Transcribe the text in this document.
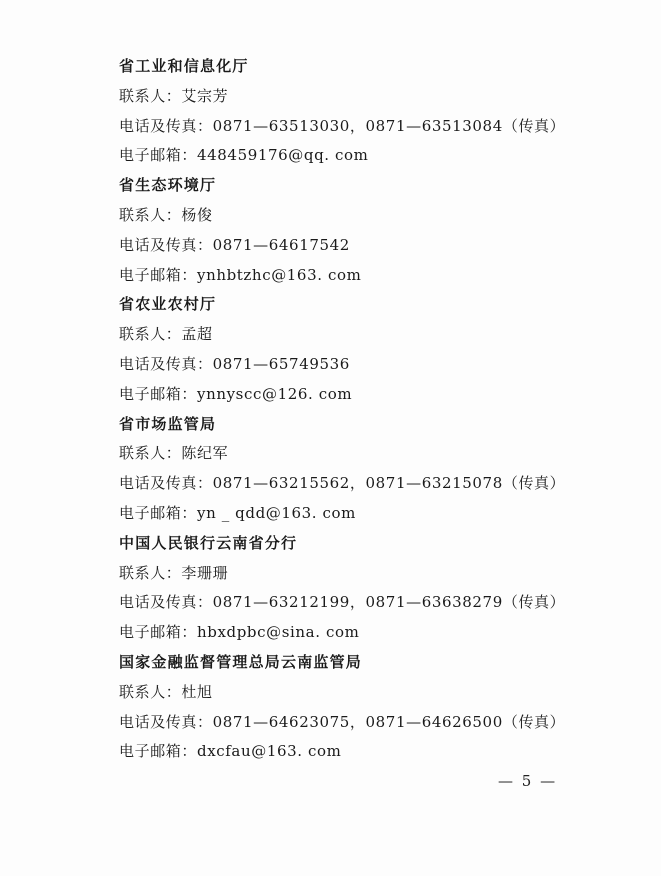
省工业和信息化厅
联系人：艾宗芳
电话及传真：0871—63513030，0871—63513084（传真）
电子邮箱：448459176@qq. com
省生态环境厅
联系人：杨俊
电话及传真：0871—64617542
电子邮箱：ynhbtzhc@163. com
省农业农村厅
联系人：孟超
电话及传真：0871—65749536
电子邮箱：ynnyscc@126. com
省市场监管局
联系人：陈纪军
电话及传真：0871—63215562，0871—63215078（传真）
电子邮箱：yn _ qdd@163. com
中国人民银行云南省分行
联系人：李珊珊
电话及传真：0871—63212199，0871—63638279（传真）
电子邮箱：hbxdpbc@sina. com
国家金融监督管理总局云南监管局
联系人：杜旭
电话及传真：0871—64623075，0871—64626500（传真）
电子邮箱：dxcfau@163. com
— 5 —
